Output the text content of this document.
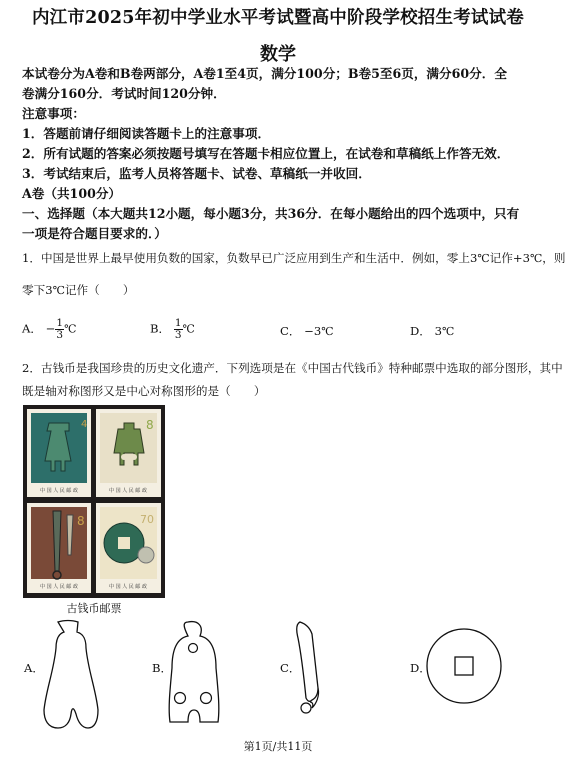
内江市2025年初中学业水平考试暨高中阶段学校招生考试试卷
数学
本试卷分为A卷和B卷两部分，A卷1至4页，满分100分；B卷5至6页，满分60分．全
卷满分160分．考试时间120分钟．
注意事项：
1．答题前请仔细阅读答题卡上的注意事项．
2．所有试题的答案必须按题号填写在答题卡相应位置上，在试卷和草稿纸上作答无效．
3．考试结束后，监考人员将答题卡、试卷、草稿纸一并收回．
A卷（共100分）
一、选择题（本大题共12小题，每小题3分，共36分．在每小题给出的四个选项中，只有
一项是符合题目要求的．）
1．中国是世界上最早使用负数的国家，负数早已广泛应用到生产和生活中．例如，零上3℃记作+3℃，则
零下3℃记作（　　）
A． − $\frac{1}{3}$ ℃	B． $\frac{1}{3}$ ℃	C． −3℃	D． 3℃
2．古钱币是我国珍贵的历史文化遗产．下列选项是在《中国古代钱币》特种邮票中选取的部分图形，其中
既是轴对称图形又是中心对称图形的是（　　）
4
中 国 人 民 邮 政
8
中 国 人 民 邮 政
8
中 国 人 民 邮 政
70
中 国 人 民 邮 政
古钱币邮票
A．	B．	C．	D．
第1页/共11页
